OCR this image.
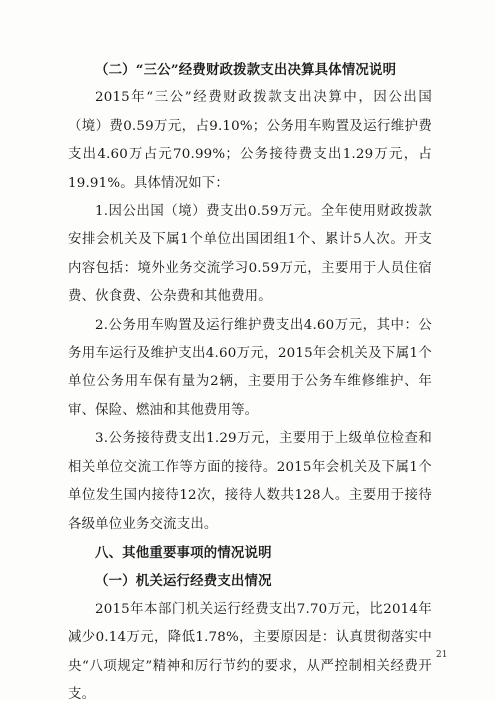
（二）“三公”经费财政拨款支出决算具体情况说明

2015年“三公”经费财政拨款支出决算中，因公出国（境）费0.59万元，占9.10%；公务用车购置及运行维护费支出4.60万占元70.99%；公务接待费支出1.29万元，占19.91%。具体情况如下：

1.因公出国（境）费支出0.59万元。全年使用财政拨款安排会机关及下属1个单位出国团组1个、累计5人次。开支内容包括：境外业务交流学习0.59万元，主要用于人员住宿费、伙食费、公杂费和其他费用。

2.公务用车购置及运行维护费支出4.60万元，其中：公务用车运行及维护支出4.60万元，2015年会机关及下属1个单位公务用车保有量为2辆，主要用于公务车维修维护、年审、保险、燃油和其他费用等。

3.公务接待费支出1.29万元，主要用于上级单位检查和相关单位交流工作等方面的接待。2015年会机关及下属1个单位发生国内接待12次，接待人数共128人。主要用于接待各级单位业务交流支出。

八、其他重要事项的情况说明

（一）机关运行经费支出情况

2015年本部门机关运行经费支出7.70万元，比2014年减少0.14万元，降低1.78%，主要原因是：认真贯彻落实中央“八项规定”精神和厉行节约的要求，从严控制相关经费开支。

21
